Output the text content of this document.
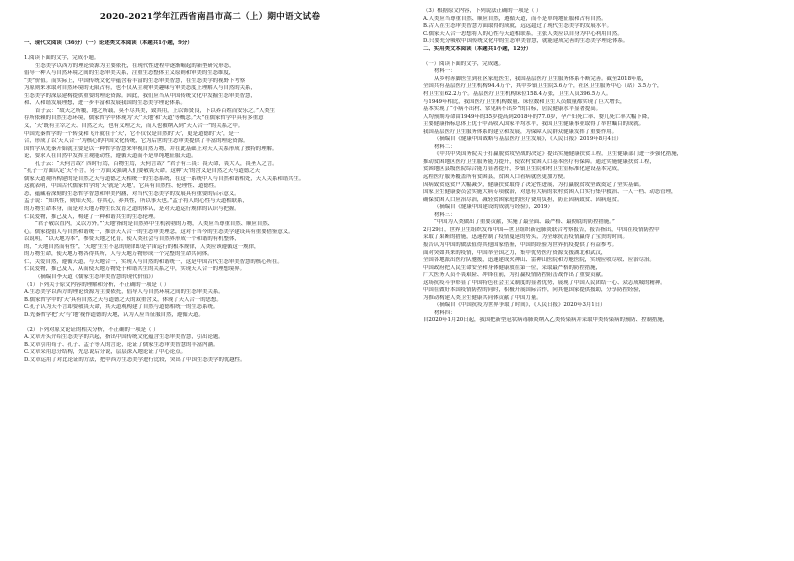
2020-2021学年江西省南昌市高二（上）期中语文试卷
一、现代文阅读（36分）（一）论述类文本阅读（本题共1小题，9分）

1.阅读下面的文字，完成小题。
生态美学以西方的理论资源为主要依托，在现代性进程中逐渐崛起的新型研究形态，
倡导一种人与自然环境之间的生态审美关系，注重生态整体主义原则和审美的生态维度，
“美”价值。而实际上，中国传统文化中蕴含着丰富的生态审美智慧，在生态美学的视野下考察
为原则来求取对自然环境的无限占有，也不仅从主观审美趣味与审美态度上理解人与自然的关系，
生态美学的深层建构提供重要的理论资源。因此，我们应当从中国传统文化中发掘生态审美智慧，
和、人和谐发展理想，进一步丰富和发展我国的生态美学理论体系。
首子云：“故天之所覆，地之所载，莫不尽其美，致其用，上以饰贤良，下以养百姓而安乐之。”人类生
存所依赖的自然生态环境，儒家哲学中体现为‘天’‘天地’和‘天道’等概念。”天”在儒家哲学中具有多重意
义，‘天’既有主宰之天、自然之天，也有义理之天，而人也被纳入到“天人合一”的关系之中。
中国先秦哲学的一个转变和飞升就在于‘天’，它不仅仅是自然的‘天’，更是道德的‘天’，是一
合，形成了以‘天人合一’为核心的中国文化传统，它为后世的生态审美提供了丰富的理论资源。
国哲学从先秦开始就主要是以一种哲学智慧来审视自然万物，并在此基础上对天人关系形成了独特的理解。
论，要求人在自然中发挥主观能动性，遵循天道而不是单纯地征服天道。
孔子云：“天何言哉？四时行焉，百物生焉，天何言哉？”君子有三畏：畏天命，畏大人，畏圣人之言。
“孔子一方面认定‘天’不言，另一方面又强调人们要敬畏天命。这种‘天’的含义是自然之天与道德之天
儒家天道观所构建的是自然之天与道德之天相统一的生态系统，在这一系统中人与自然和谐相处，天人关系和谐共生。
这就表明，中国古代儒家哲学的‘天’就是‘天地’，它具有自然性、伦理性、道德性。
态，蕴藏着深刻的生态哲学智慧和审美内涵，对当代生态美学的发展具有重要的启示意义。
孟子说：“知其性，则知天矣。存其心，养其性，所以事天也。”孟子将人的心性与天道相联系，
的万物生命本身，而是对天地万物生长发育之道的体认，是对天道运行规律的认识与把握。
仁民爱物，推己及人，构建了一种和谐共生的生态伦理。
“君子敬以直内，义以方外。”‘天地’指的是自然界中生机勃勃的万物，人类应当尊重自然、顺应自然、
心。儒家提倡人与自然和谐统一，推崇天人合一的生态审美理念，这对于当今的生态美学建设具有重要借鉴意义。
以说明，“以天地为本”，参赞天地之化育，使人类社会与自然界形成一个和谐的有机整体，
的，“天地自然而有性”，‘天地’生生不息的规律即是宇宙运行的根本规律，人类应该遵循这一规律，
的万物生命，使天地万物各得其所，人与天地万物形成一个完整的生命共同体。
仁，关爱自然，遵循天道，与天地合一，实现人与自然的和谐统一，这是中国古代生态审美智慧的核心所在。
仁民爱物，推己及人，从而使天地万物处于和谐共生的关系之中，实现天人合一的理想境界。
（摘编自李天道《儒家生态审美智慧的现代价值》）
（1）下列关于原文内容的理解和分析，不正确的一项是（ ）
A.生态美学以西方的理论资源为主要依托，倡导人与自然环境之间的生态审美关系。
B.儒家哲学中的‘天’具有自然之天与道德之天的双重含义，体现了天人合一的思想。
C.孔子认为天不言却要敬畏天命，其天道观构建了自然与道德相统一的生态系统。
D.先秦哲学把‘天’与‘地’视作道德的天地，认为人应当征服自然，遵循天道。

（2）下列对原文论证的相关分析，不正确的一项是（ ）
A.文章开头介绍生态美学的兴起，指出中国传统文化蕴含生态审美智慧，引出论题。
B.文章引用荀子、孔子、孟子等人的言论，论证了儒家生态审美智慧的丰富内涵。
C.文章采用总分结构，先总说后分说，层层深入地论证了中心论点。
D.文章运用了对比论证的方法，把中西方生态美学进行比较，突出了中国生态美学的优越性。
（3）根据原文内容，下列说法正确的一项是（ ）
A.人类应当尊重自然、顺应自然，遵循天道，而不是单纯地征服和占有自然。
B.古人在生态审美智慧方面取得的成就，远远超过了现代生态美学的发展水平。
C.儒家天人合一思想将人的心性与天道相联系，主张人类应以自身为中心利用自然。
D.只要充分吸收中国传统文化中的生态审美智慧，就能建成完善的生态美学理论体系。
二、实用类文本阅读（本题共1小题，12分）

（一）阅读下面的文字，完成题。
材料一：
从乡村赤脚医生到社区家庭医生，我国基层医疗卫生服务体系不断完善。截至2018年底，
全国共有基层医疗卫生机构94.4万个，其中乡镇卫生院3.6万个，社区卫生服务中心（站）3.5万个，
村卫生室62.2万个。基层医疗卫生机构床位158.4万张，卫生人员396.5万人。
与1949年相比，我国医疗卫生机构数量、床位数和卫生人员数量都实现了巨大增长，
基本实现了“小病不出村、常见病不出乡”的目标，居民健康水平显著提高。
人均预期寿命由1949年的35岁提高到2018年的77.0岁，孕产妇死亡率、婴儿死亡率大幅下降，
主要健康指标总体上优于中高收入国家平均水平，我国卫生健康事业取得了举世瞩目的成就。
我国基层医疗卫生服务体系的建立和发展，为保障人民群众健康发挥了重要作用。
（摘编自《健康中国战略与基层医疗卫生发展》，《人民日报》2019年8月4日）
材料二：
《中共中央国务院关于打赢脱贫攻坚战的决定》提出实施健康扶贫工程，卫生健康部门进一步强化措施，
推动贫困地区医疗卫生服务能力提升，使农村贫困人口基本医疗有保障。通过实施健康扶贫工程，
贫困地区县级医院综合能力显著提升，乡镇卫生院和村卫生室标准化建设基本完成，
远程医疗服务覆盖所有贫困县，贫困人口看病就医更加方便。
因病致贫返贫户大幅减少，健康扶贫取得了决定性进展，为打赢脱贫攻坚战奠定了坚实基础。
国家卫生健康委员会实施大病专项救治，对患有大病的农村贫困人口实行集中救治、一人一档、动态管理，
确保贫困人口应治尽治，减轻贫困家庭的医疗费用负担，防止因病致贫、因病返贫。
（摘编自《健康中国建设的成就与经验》，2019）
材料三：
“中国为人类做出了重要贡献，实施了最全面、最严格、最彻底的防控措施。”
2月29日，世界卫生组织发布中国—世卫组织新冠肺炎联合考察报告，报告指出，中国在疫情防控中
采取了果断的措施，迅速控制了疫情蔓延的势头，为全球抗击疫情赢得了宝贵的时间。
报告认为中国的做法值得其他国家借鉴，中国的经验为世界抗疫提供了有益参考。
面对突如其来的疫情，中国举全国之力，集中优势医疗资源支援湖北和武汉，
全国各地派出医疗队驰援，迅速建成火神山、雷神山医院和方舱医院，实现应收尽收、应治尽治。
中国政府把人民生命安全和身体健康放在第一位，采取最严格的防控措施，
广大医务人员不畏艰险、冲锋在前，为打赢疫情防控阻击战作出了重要贡献。
这场抗疫斗争彰显了中国特色社会主义制度的显著优势，展现了中国人民团结一心、众志成城的精神。
中国在做好本国疫情防控的同时，积极开展国际合作，向其他国家提供援助，分享防控经验，
为推动构建人类卫生健康共同体贡献了中国力量。
（摘编自《中国抗疫为世界争取了时间》，《人民日报》2020年3月1日）
材料四：
自2020年1月20日起，我国把新型冠状病毒肺炎纳入乙类传染病并采取甲类传染病的预防、控制措施，
